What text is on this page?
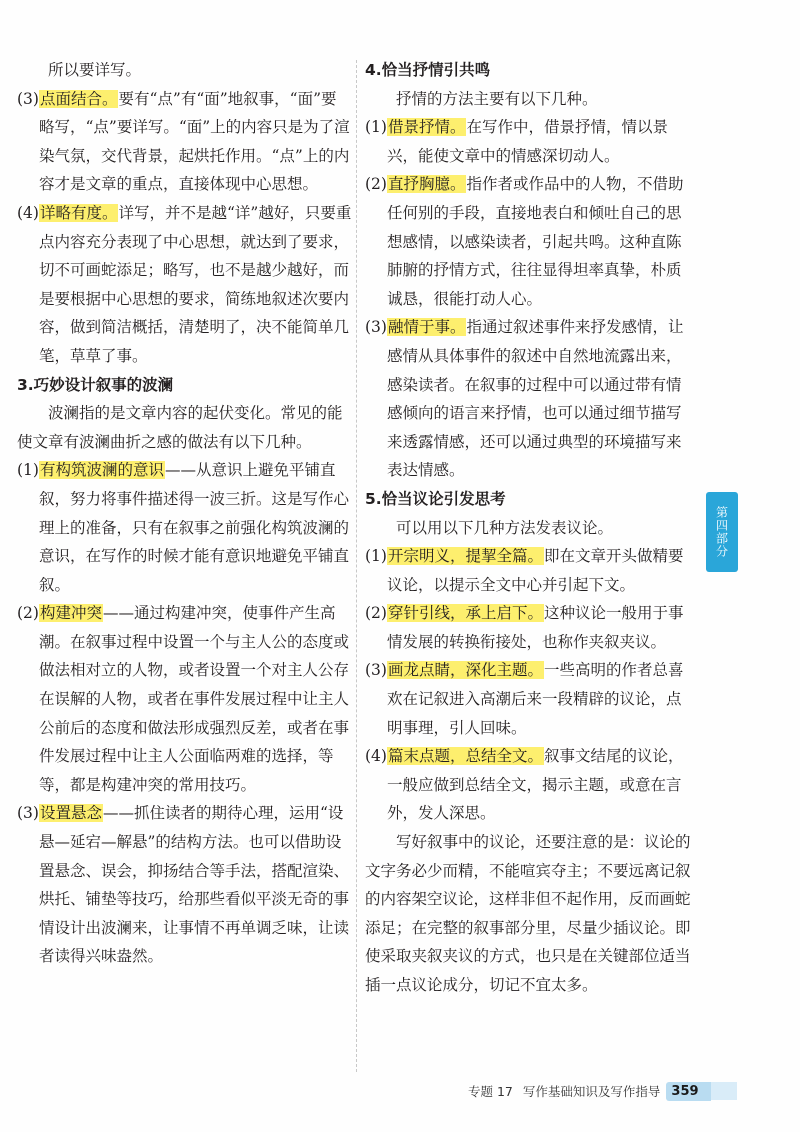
所以要详写。

(3) 点面结合。要有“点”有“面”地叙事，“面”要略写，“点”要详写。“面”上的内容只是为了渲染气氛，交代背景，起烘托作用。“点”上的内容才是文章的重点，直接体现中心思想。
(4) 详略有度。详写，并不是越“详”越好，只要重点内容充分表现了中心思想，就达到了要求，切不可画蛇添足；略写，也不是越少越好，而是要根据中心思想的要求，简练地叙述次要内容，做到简洁概括，清楚明了，决不能简单几笔，草草了事。
3.巧妙设计叙事的波澜

波澜指的是文章内容的起伏变化。常见的能使文章有波澜曲折之感的做法有以下几种。

(1) 有构筑波澜的意识——从意识上避免平铺直叙，努力将事件描述得一波三折。这是写作心理上的准备，只有在叙事之前强化构筑波澜的意识，在写作的时候才能有意识地避免平铺直叙。
(2) 构建冲突——通过构建冲突，使事件产生高潮。在叙事过程中设置一个与主人公的态度或做法相对立的人物，或者设置一个对主人公存在误解的人物，或者在事件发展过程中让主人公前后的态度和做法形成强烈反差，或者在事件发展过程中让主人公面临两难的选择，等等，都是构建冲突的常用技巧。
(3) 设置悬念——抓住读者的期待心理，运用“设悬—延宕—解悬”的结构方法。也可以借助设置悬念、误会，抑扬结合等手法，搭配渲染、烘托、铺垫等技巧，给那些看似平淡无奇的事情设计出波澜来，让事情不再单调乏味，让读者读得兴味盎然。
4.恰当抒情引共鸣

抒情的方法主要有以下几种。

(1) 借景抒情。在写作中，借景抒情，情以景兴，能使文章中的情感深切动人。
(2) 直抒胸臆。指作者或作品中的人物，不借助任何别的手段，直接地表白和倾吐自己的思想感情，以感染读者，引起共鸣。这种直陈肺腑的抒情方式，往往显得坦率真挚，朴质诚恳，很能打动人心。
(3) 融情于事。指通过叙述事件来抒发感情，让感情从具体事件的叙述中自然地流露出来，感染读者。在叙事的过程中可以通过带有情感倾向的语言来抒情，也可以通过细节描写来透露情感，还可以通过典型的环境描写来表达情感。
5.恰当议论引发思考

可以用以下几种方法发表议论。

(1) 开宗明义，提挈全篇。即在文章开头做精要议论，以提示全文中心并引起下文。
(2) 穿针引线，承上启下。这种议论一般用于事情发展的转换衔接处，也称作夹叙夹议。
(3) 画龙点睛，深化主题。一些高明的作者总喜欢在记叙进入高潮后来一段精辟的议论，点明事理，引人回味。
(4) 篇末点题，总结全文。叙事文结尾的议论，一般应做到总结全文，揭示主题，或意在言外，发人深思。

写好叙事中的议论，还要注意的是：议论的文字务必少而精，不能喧宾夺主；不要远离记叙的内容架空议论，这样非但不起作用，反而画蛇添足；在完整的叙事部分里，尽量少插议论。即使采取夹叙夹议的方式，也只是在关键部位适当插一点议论成分，切记不宜太多。

第四部分
专题 17 写作基础知识及写作指导 359
